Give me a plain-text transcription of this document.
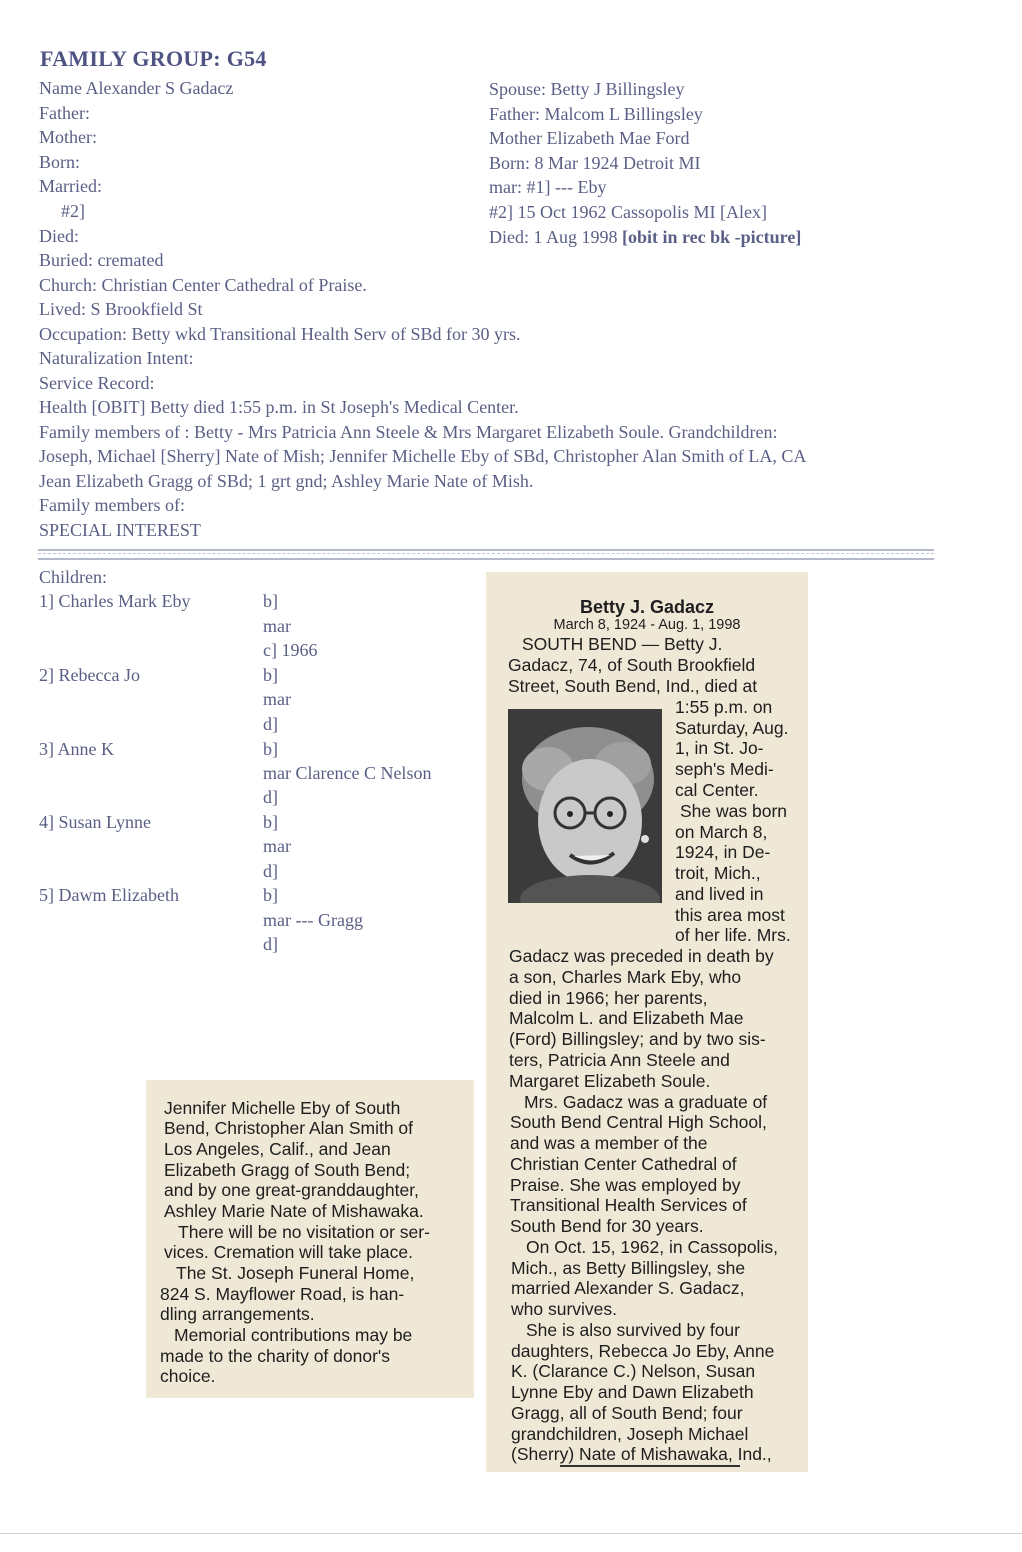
FAMILY GROUP: G54
Name Alexander S Gadacz
Father:
Mother:
Born:
Married:
#2]
Died:
Spouse: Betty J Billingsley
Father: Malcom L Billingsley
Mother Elizabeth Mae Ford
Born: 8 Mar 1924 Detroit MI
mar: #1] --- Eby
#2] 15 Oct 1962 Cassopolis MI [Alex]
Died: 1 Aug 1998 [obit in rec bk -picture]
Buried: cremated
Church: Christian Center Cathedral of Praise.
Lived: S Brookfield St
Occupation: Betty wkd Transitional Health Serv of SBd for 30 yrs.
Naturalization Intent:
Service Record:
Health [OBIT] Betty died 1:55 p.m. in St Joseph's Medical Center.
Family members of : Betty - Mrs Patricia Ann Steele & Mrs Margaret Elizabeth Soule. Grandchildren:
Joseph, Michael [Sherry] Nate of Mish; Jennifer Michelle Eby of SBd, Christopher Alan Smith of LA, CA
Jean Elizabeth Gragg of SBd; 1 grt gnd; Ashley Marie Nate of Mish.
Family members of:
SPECIAL INTEREST
Children:
1] Charles Mark Eby
2] Rebecca Jo
3] Anne K
4] Susan Lynne
5] Dawm Elizabeth
b]
mar
c] 1966
b]
mar
d]
b]
mar Clarence C Nelson
d]
b]
mar
d]
b]
mar --- Gragg
d]
Betty J. Gadacz
March 8, 1924 - Aug. 1, 1998
SOUTH BEND — Betty J.
Gadacz, 74, of South Brookfield
Street, South Bend, Ind., died at
1:55 p.m. on
Saturday, Aug.
1, in St. Jo-
seph's Medi-
cal Center.
She was born
on March 8,
1924, in De-
troit, Mich.,
and lived in
this area most
of her life. Mrs.
Gadacz was preceded in death by
a son, Charles Mark Eby, who
died in 1966; her parents,
Malcolm L. and Elizabeth Mae
(Ford) Billingsley; and by two sis-
ters, Patricia Ann Steele and
Margaret Elizabeth Soule.
Mrs. Gadacz was a graduate of
South Bend Central High School,
and was a member of the
Christian Center Cathedral of
Praise. She was employed by
Transitional Health Services of
South Bend for 30 years.
On Oct. 15, 1962, in Cassopolis,
Mich., as Betty Billingsley, she
married Alexander S. Gadacz,
who survives.
She is also survived by four
daughters, Rebecca Jo Eby, Anne
K. (Clarance C.) Nelson, Susan
Lynne Eby and Dawn Elizabeth
Gragg, all of South Bend; four
grandchildren, Joseph Michael
(Sherry) Nate of Mishawaka, Ind.,
Jennifer Michelle Eby of South
Bend, Christopher Alan Smith of
Los Angeles, Calif., and Jean
Elizabeth Gragg of South Bend;
and by one great-granddaughter,
Ashley Marie Nate of Mishawaka.
There will be no visitation or ser-
vices. Cremation will take place.
The St. Joseph Funeral Home,
824 S. Mayflower Road, is han-
dling arrangements.
Memorial contributions may be
made to the charity of donor's
choice.
